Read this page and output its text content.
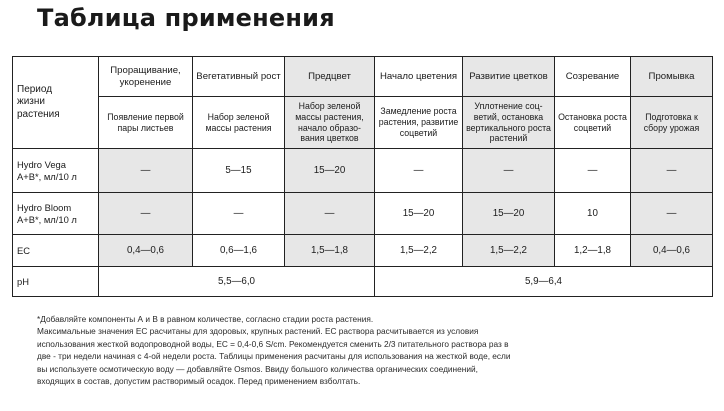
Таблица применения
Период
жизни
растения	Проращивание, укоренение	Вегетативный рост	Предцвет	Начало цветения	Развитие цветков	Созревание	Промывка
	Появление первой пары листьев	Набор зеленой массы растения	Набор зеленой массы растения, начало образо-вания цветков	Замедление роста растения, развитие соцветий	Уплотнение соц-ветий, остановка вертикального роста растений	Остановка роста соцветий	Подготовка к сбору урожая

Hydro Vega
A+B*, мл/10 л	—	5—15	15—20	—	—	—	—

Hydro Bloom
A+B*, мл/10 л	—	—	—	15—20	15—20	10	—

EC	0,4—0,6	0,6—1,6	1,5—1,8	1,5—2,2	1,5—2,2	1,2—1,8	0,4—0,6
pH	5,5—6,0			5,9—6,4			
*Добавляйте компоненты А и В в равном количестве, согласно стадии роста растения.
Максимальные значения ЕС расчитаны для здоровых, крупных растений. EC раствора расчитывается из условия
использования жесткой водопроводной воды, ЕС = 0,4-0,6 S/cm. Рекомендуется сменить 2/3 питательного раствора раз в
две - три недели начиная с 4-ой недели роста. Таблицы применения расчитаны для использования на жесткой воде, если
вы используете осмотическую воду — добавляйте Osmos. Ввиду большого количества органических соединений,
входящих в состав, допустим растворимый осадок. Перед применением взболтать.
